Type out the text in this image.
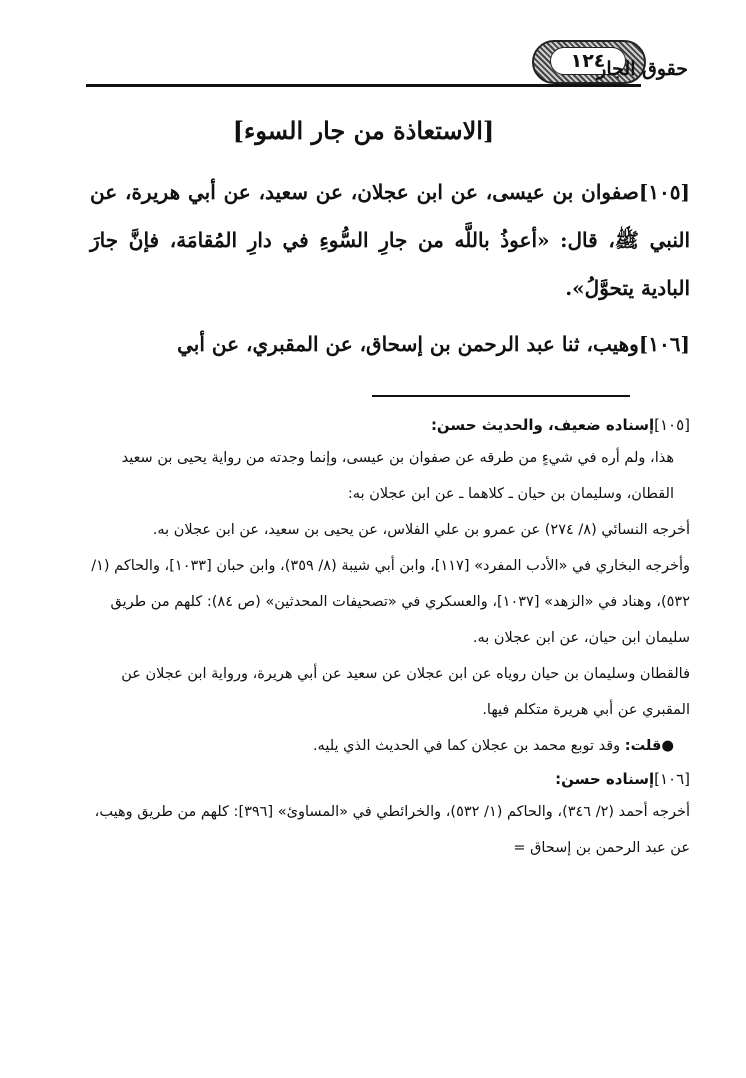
١٢٤
حقوق الجار
[الاستعاذة من جار السوء]

[١٠٥]صفوان بن عيسى، عن ابن عجلان، عن سعيد، عن أبي هريرة، عن النبي ﷺ، قال: «أعوذُ باللَّه من جارِ السُّوءِ في دارِ المُقامَة، فإنَّ جارَ البادية يتحوَّلُ».

[١٠٦]وهيب، ثنا عبد الرحمن بن إسحاق، عن المقبري، عن أبي

[١٠٥]إسناده ضعيف، والحديث حسن:

هذا، ولم أره في شيءٍ من طرقه عن صفوان بن عيسى، وإنما وجدته من رواية يحيى بن سعيد القطان، وسليمان بن حيان ـ كلاهما ـ عن ابن عجلان به:

أخرجه النسائي (٨/ ٢٧٤) عن عمرو بن علي الفلاس، عن يحيى بن سعيد، عن ابن عجلان به.

وأخرجه البخاري في «الأدب المفرد» [١١٧]، وابن أبي شيبة (٨/ ٣٥٩)، وابن حبان [١٠٣٣]، والحاكم (١/ ٥٣٢)، وهناد في «الزهد» [١٠٣٧]، والعسكري في «تصحيفات المحدثين» (ص ٨٤): كلهم من طريق سليمان ابن حيان، عن ابن عجلان به.

فالقطان وسليمان بن حيان روياه عن ابن عجلان عن سعيد عن أبي هريرة، ورواية ابن عجلان عن المقبري عن أبي هريرة متكلم فيها.

●قلت: وقد توبع محمد بن عجلان كما في الحديث الذي يليه.

[١٠٦]إسناده حسن:

أخرجه أحمد (٢/ ٣٤٦)، والحاكم (١/ ٥٣٢)، والخرائطي في «المساوئ» [٣٩٦]: كلهم من طريق وهيب، عن عبد الرحمن بن إسحاق =
